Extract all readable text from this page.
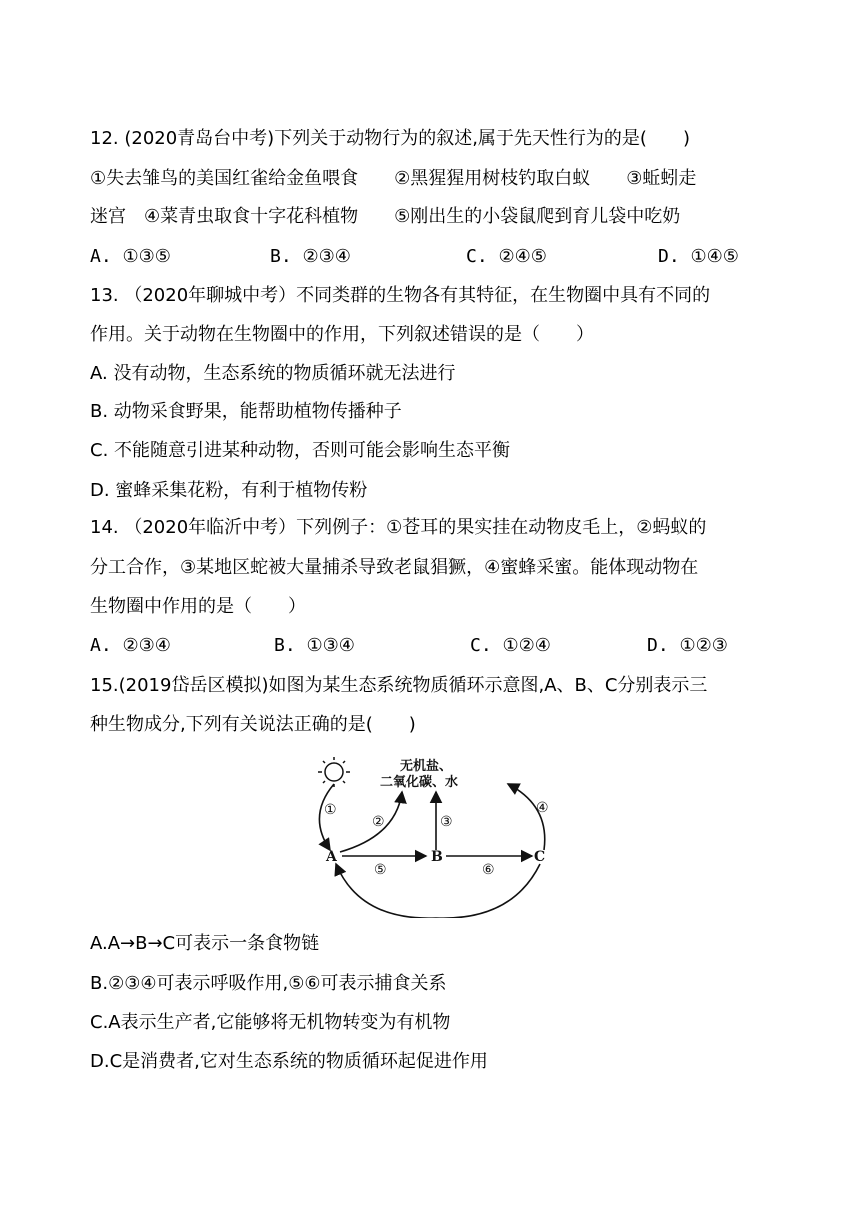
12. (2020青岛台中考)下列关于动物行为的叙述,属于先天性行为的是(　　)
①失去雏鸟的美国红雀给金鱼喂食　　②黑猩猩用树枝钓取白蚁　　③蚯蚓走
迷宫　④菜青虫取食十字花科植物　　⑤刚出生的小袋鼠爬到育儿袋中吃奶
A. ①③⑤	B. ②③④	C. ②④⑤	D. ①④⑤
13. （2020年聊城中考）不同类群的生物各有其特征，在生物圈中具有不同的
作用。关于动物在生物圈中的作用，下列叙述错误的是（　　）
A. 没有动物，生态系统的物质循环就无法进行
B. 动物采食野果，能帮助植物传播种子
C. 不能随意引进某种动物，否则可能会影响生态平衡
D. 蜜蜂采集花粉，有利于植物传粉
14. （2020年临沂中考）下列例子：①苍耳的果实挂在动物皮毛上，②蚂蚁的
分工合作，③某地区蛇被大量捕杀导致老鼠猖獗，④蜜蜂采蜜。能体现动物在
生物圈中作用的是（　　）
A. ②③④	B. ①③④	C. ①②④	D. ①②③
15.(2019岱岳区模拟)如图为某生态系统物质循环示意图,A、B、C分别表示三
种生物成分,下列有关说法正确的是(　　)
无机盐、
二氧化碳、水
A	B	C
①
②	③
④
⑤	⑥
A.A→B→C可表示一条食物链
B.②③④可表示呼吸作用,⑤⑥可表示捕食关系
C.A表示生产者,它能够将无机物转变为有机物
D.C是消费者,它对生态系统的物质循环起促进作用
